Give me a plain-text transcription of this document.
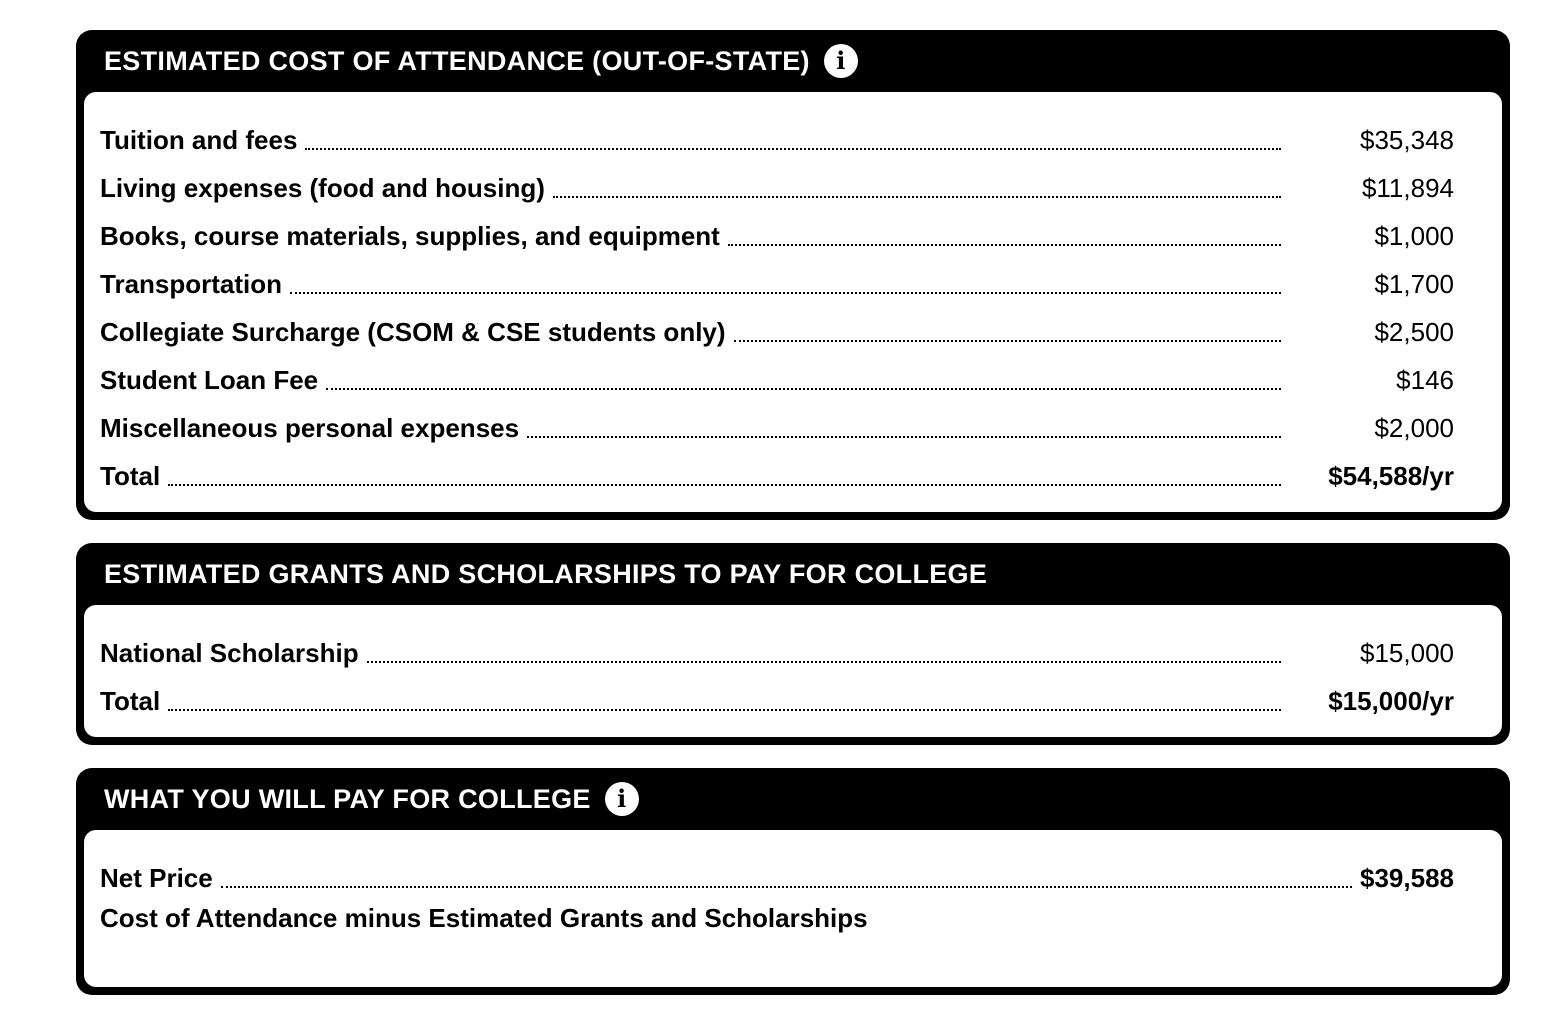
ESTIMATED COST OF ATTENDANCE (OUT-OF-STATE) i
Tuition and fees	$35,348
Living expenses (food and housing)	$11,894
Books, course materials, supplies, and equipment	$1,000
Transportation	$1,700
Collegiate Surcharge (CSOM & CSE students only)	$2,500
Student Loan Fee	$146
Miscellaneous personal expenses	$2,000
Total	$54,588/yr
ESTIMATED GRANTS AND SCHOLARSHIPS TO PAY FOR COLLEGE
National Scholarship	$15,000
Total	$15,000/yr
WHAT YOU WILL PAY FOR COLLEGE i
Net Price	$39,588
Cost of Attendance minus Estimated Grants and Scholarships
